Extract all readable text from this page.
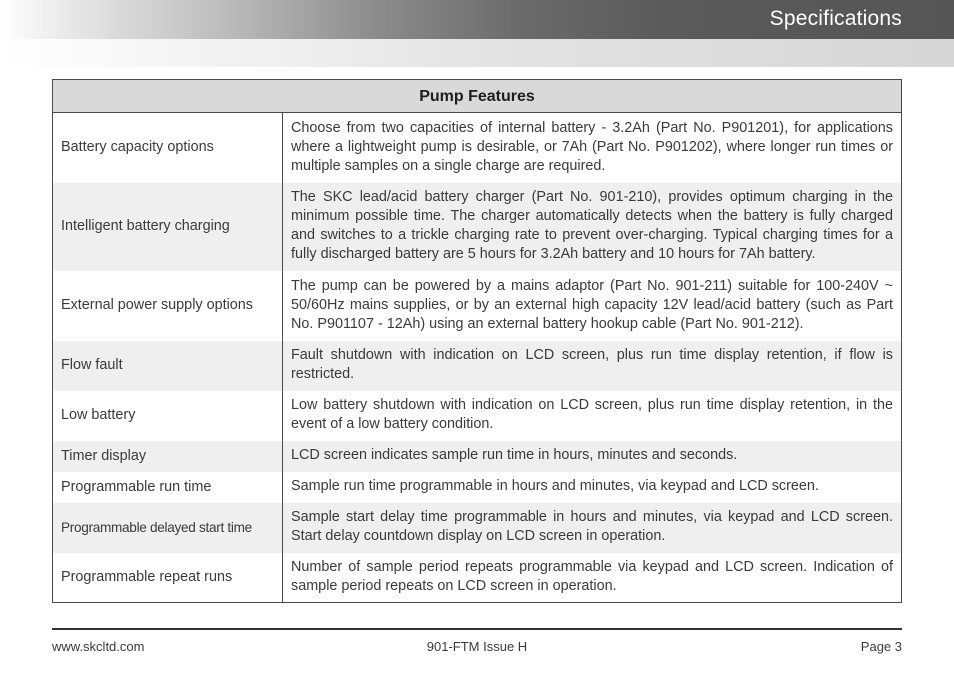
Specifications
Pump Features	
Battery capacity options	Choose from two capacities of internal battery - 3.2Ah (Part No. P901201), for applications where a lightweight pump is desirable, or 7Ah (Part No. P901202), where longer run times or multiple samples on a single charge are required.
Intelligent battery charging	The SKC lead/acid battery charger (Part No. 901-210), provides optimum charging in the minimum possible time. The charger automatically detects when the battery is fully charged and switches to a trickle charging rate to prevent over-charging. Typical charging times for a fully discharged battery are 5 hours for 3.2Ah battery and 10 hours for 7Ah battery.
External power supply options	The pump can be powered by a mains adaptor (Part No. 901-211) suitable for 100-240V ~ 50/60Hz mains supplies, or by an external high capacity 12V lead/acid battery (such as Part No. P901107 - 12Ah) using an external battery hookup cable (Part No. 901-212).
Flow fault	Fault shutdown with indication on LCD screen, plus run time display retention, if flow is restricted.
Low battery	Low battery shutdown with indication on LCD screen, plus run time display retention, in the event of a low battery condition.
Timer display	LCD screen indicates sample run time in hours, minutes and seconds.
Programmable run time	Sample run time programmable in hours and minutes, via keypad and LCD screen.
Programmable delayed start time	Sample start delay time programmable in hours and minutes, via keypad and LCD screen. Start delay countdown display on LCD screen in operation.
Programmable repeat runs	Number of sample period repeats programmable via keypad and LCD screen. Indication of sample period repeats on LCD screen in operation.
www.skcltd.com	901-FTM Issue H	Page 3
